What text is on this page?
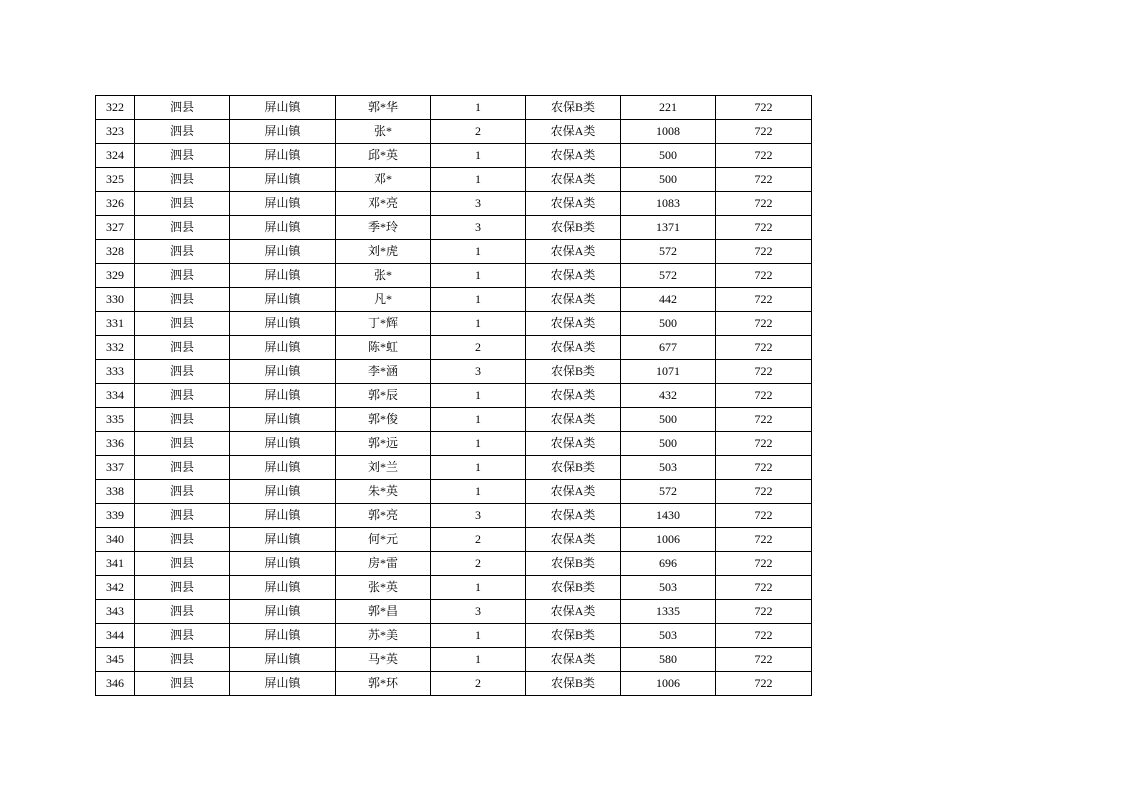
322	泗县	屏山镇	郭*华	1	农保B类	221	722
323	泗县	屏山镇	张*	2	农保A类	1008	722
324	泗县	屏山镇	邱*英	1	农保A类	500	722
325	泗县	屏山镇	邓*	1	农保A类	500	722
326	泗县	屏山镇	邓*亮	3	农保A类	1083	722
327	泗县	屏山镇	季*玲	3	农保B类	1371	722
328	泗县	屏山镇	刘*虎	1	农保A类	572	722
329	泗县	屏山镇	张*	1	农保A类	572	722
330	泗县	屏山镇	凡*	1	农保A类	442	722
331	泗县	屏山镇	丁*辉	1	农保A类	500	722
332	泗县	屏山镇	陈*虹	2	农保A类	677	722
333	泗县	屏山镇	李*涵	3	农保B类	1071	722
334	泗县	屏山镇	郭*辰	1	农保A类	432	722
335	泗县	屏山镇	郭*俊	1	农保A类	500	722
336	泗县	屏山镇	郭*远	1	农保A类	500	722
337	泗县	屏山镇	刘*兰	1	农保B类	503	722
338	泗县	屏山镇	朱*英	1	农保A类	572	722
339	泗县	屏山镇	郭*亮	3	农保A类	1430	722
340	泗县	屏山镇	何*元	2	农保A类	1006	722
341	泗县	屏山镇	房*雷	2	农保B类	696	722
342	泗县	屏山镇	张*英	1	农保B类	503	722
343	泗县	屏山镇	郭*昌	3	农保A类	1335	722
344	泗县	屏山镇	苏*美	1	农保B类	503	722
345	泗县	屏山镇	马*英	1	农保A类	580	722
346	泗县	屏山镇	郭*环	2	农保B类	1006	722
